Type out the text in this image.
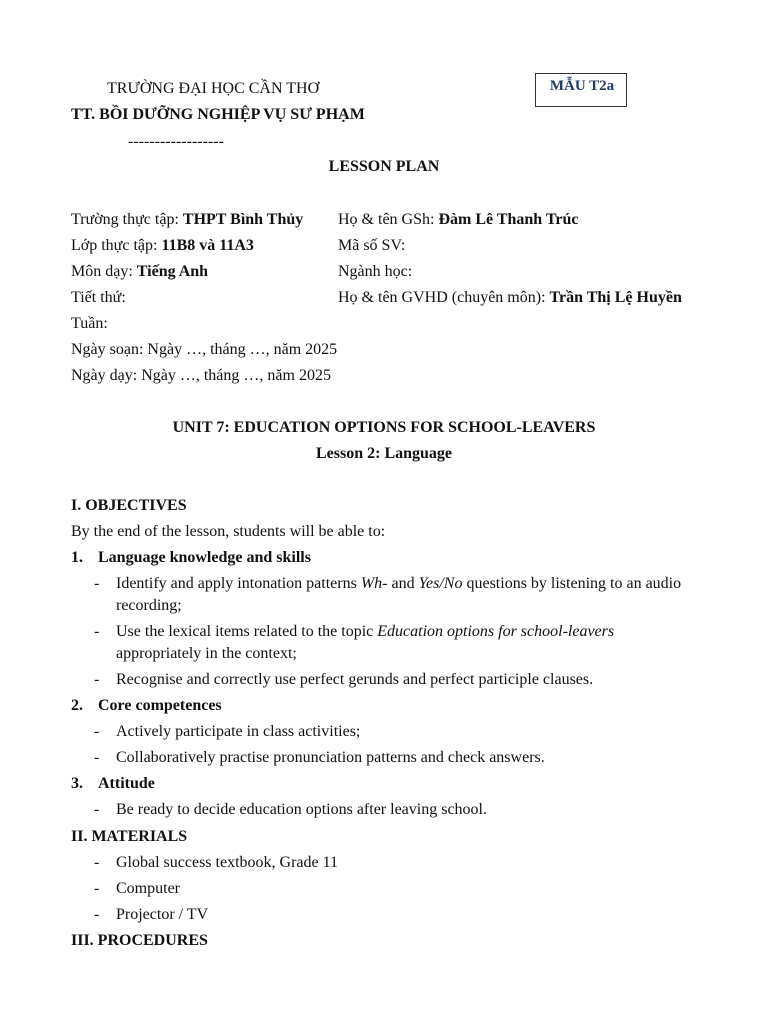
TRƯỜNG ĐẠI HỌC CẦN THƠ
TT. BỒI DƯỠNG NGHIỆP VỤ SƯ PHẠM
------------------
MẪU T2a
LESSON PLAN
Trường thực tập: THPT Bình Thủy Họ & tên GSh: Đàm Lê Thanh Trúc
Lớp thực tập: 11B8 và 11A3	Mã số SV:
Môn dạy: Tiếng Anh	Ngành học:
Tiết thứ:	Họ & tên GVHD (chuyên môn): Trần Thị Lệ Huyền
Tuần:
Ngày soạn: Ngày …, tháng …, năm 2025
Ngày dạy: Ngày …, tháng …, năm 2025
UNIT 7: EDUCATION OPTIONS FOR SCHOOL-LEAVERS
Lesson 2: Language
I. OBJECTIVES
By the end of the lesson, students will be able to:
1. Language knowledge and skills
- Identify and apply intonation patterns Wh- and Yes/No questions by listening to an audio
recording;
- Use the lexical items related to the topic Education options for school-leavers
appropriately in the context;
- Recognise and correctly use perfect gerunds and perfect participle clauses.
2. Core competences
- Actively participate in class activities;
- Collaboratively practise pronunciation patterns and check answers.
3. Attitude
- Be ready to decide education options after leaving school.
II. MATERIALS
- Global success textbook, Grade 11
- Computer
- Projector / TV
III. PROCEDURES
